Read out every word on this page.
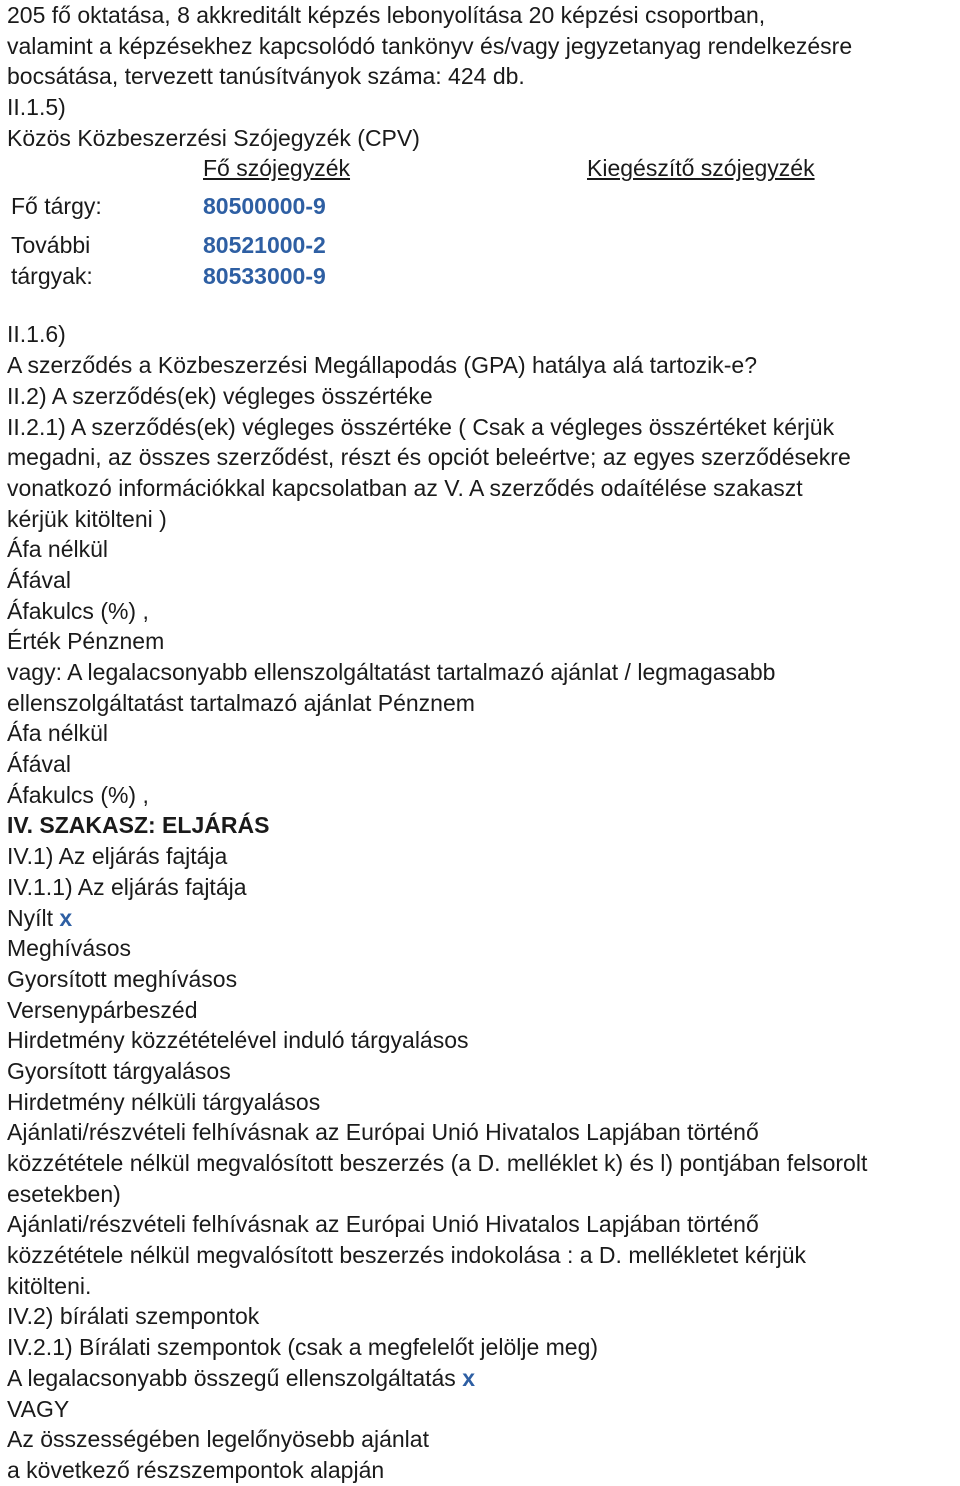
205 fő oktatása, 8 akkreditált képzés lebonyolítása 20 képzési csoportban,

valamint a képzésekhez kapcsolódó tankönyv és/vagy jegyzetanyag rendelkezésre

bocsátása, tervezett tanúsítványok száma: 424 db.

II.1.5)

Közös Közbeszerzési Szójegyzék (CPV)

Fő szójegyzék	Kiegészítő szójegyzék
Fő tárgy:	80500000-9
További	80521000-2
tárgyak:	80533000-9

II.1.6)

A szerződés a Közbeszerzési Megállapodás (GPA) hatálya alá tartozik-e?

II.2) A szerződés(ek) végleges összértéke

II.2.1) A szerződés(ek) végleges összértéke ( Csak a végleges összértéket kérjük

megadni, az összes szerződést, részt és opciót beleértve; az egyes szerződésekre

vonatkozó információkkal kapcsolatban az V. A szerződés odaítélése szakaszt

kérjük kitölteni )

Áfa nélkül

Áfával

Áfakulcs (%) ,

Érték Pénznem

vagy: A legalacsonyabb ellenszolgáltatást tartalmazó ajánlat / legmagasabb

ellenszolgáltatást tartalmazó ajánlat Pénznem

Áfa nélkül

Áfával

Áfakulcs (%) ,

IV. SZAKASZ: ELJÁRÁS

IV.1) Az eljárás fajtája

IV.1.1) Az eljárás fajtája

Nyílt x

Meghívásos

Gyorsított meghívásos

Versenypárbeszéd

Hirdetmény közzétételével induló tárgyalásos

Gyorsított tárgyalásos

Hirdetmény nélküli tárgyalásos

Ajánlati/részvételi felhívásnak az Európai Unió Hivatalos Lapjában történő

közzététele nélkül megvalósított beszerzés (a D. melléklet k) és l) pontjában felsorolt

esetekben)

Ajánlati/részvételi felhívásnak az Európai Unió Hivatalos Lapjában történő

közzététele nélkül megvalósított beszerzés indokolása : a D. mellékletet kérjük

kitölteni.

IV.2) bírálati szempontok

IV.2.1) Bírálati szempontok (csak a megfelelőt jelölje meg)

A legalacsonyabb összegű ellenszolgáltatás x

VAGY

Az összességében legelőnyösebb ajánlat

a következő részszempontok alapján
